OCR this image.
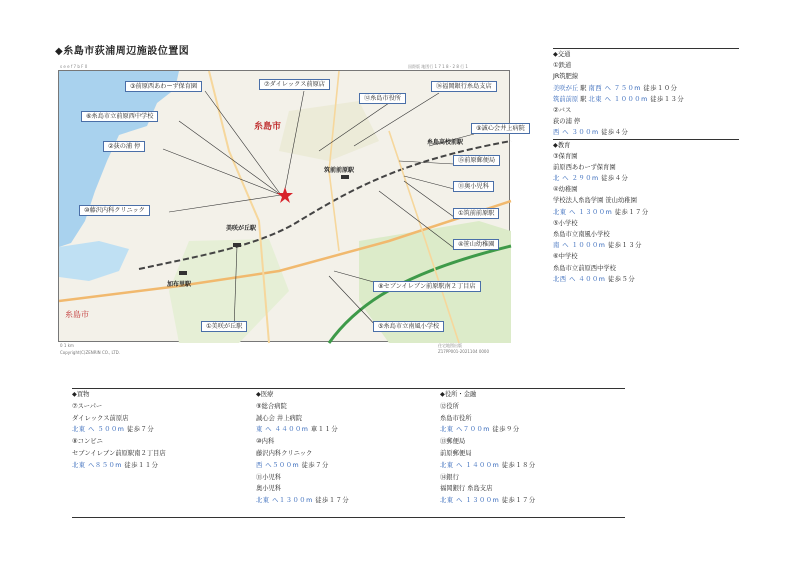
◆糸島市荻浦周辺施設位置図
s e e f 7 b F 0	国際版 地図行 1 7 1 8 - 2 8 行 1
糸島市
糸島市
美咲が丘駅
筑前前原駅
加布里駅
糸島高校前駅
③前原西あわーず保育園	⑦ダイレックス前原店
⑥糸島市立前原西中学校
②荻の浦 停
⑩藤沢内科クリニック
①美咲が丘駅
⑫糸島市役所
⑯福岡銀行糸島支店
⑨誠心会井上病院
⑮前原郵便局
⑪奥小児科
①筑前前原駅
④笹山幼稚園
⑧セブンイレブン前原駅南２丁目店
⑤糸島市立南風小学校
0 1 km
Copyright(C)ZENRIN CO., LTD.
住宅地図出版
Z17PP001-2021104 0000
◆交通
①鉄道
JR筑肥線
美咲が丘 駅 南西 へ ７５０m 徒歩１０分
筑前前原 駅 北東 へ １０００m 徒歩１３分
②バス
荻の浦 停
西 へ ３００m 徒歩４分
◆教育
③保育園
前原西あわーず保育園
北 へ ２９０m 徒歩４分
④幼稚園
学校法人糸島学園 笹山幼稚園
北東 へ １３００m 徒歩１７分
⑤小学校
糸島市立南風小学校
南 へ １０００m 徒歩１３分
⑥中学校
糸島市立前原西中学校
北西 へ ４００m 徒歩５分
◆買物
⑦スーパー
ダイレックス前原店
北東 へ ５００m 徒歩７分
⑧コンビニ
セブンイレブン前原駅南２丁目店
北東 へ８５０m 徒歩１１分
◆医療
⑨総合病院
誠心会 井上病院
東 へ ４４００m 車１１分
⑩内科
藤沢内科クリニック
西 へ５００m 徒歩７分
⑪小児科
奥小児科
北東 へ１３００m 徒歩１７分
◆役所・金融
⑫役所
糸島市役所
北東 へ７００m 徒歩９分
⑬郵便局
前原郵便局
北東 へ １４００m 徒歩１８分
⑭銀行
福岡銀行 糸島支店
北東 へ １３００m 徒歩１７分
